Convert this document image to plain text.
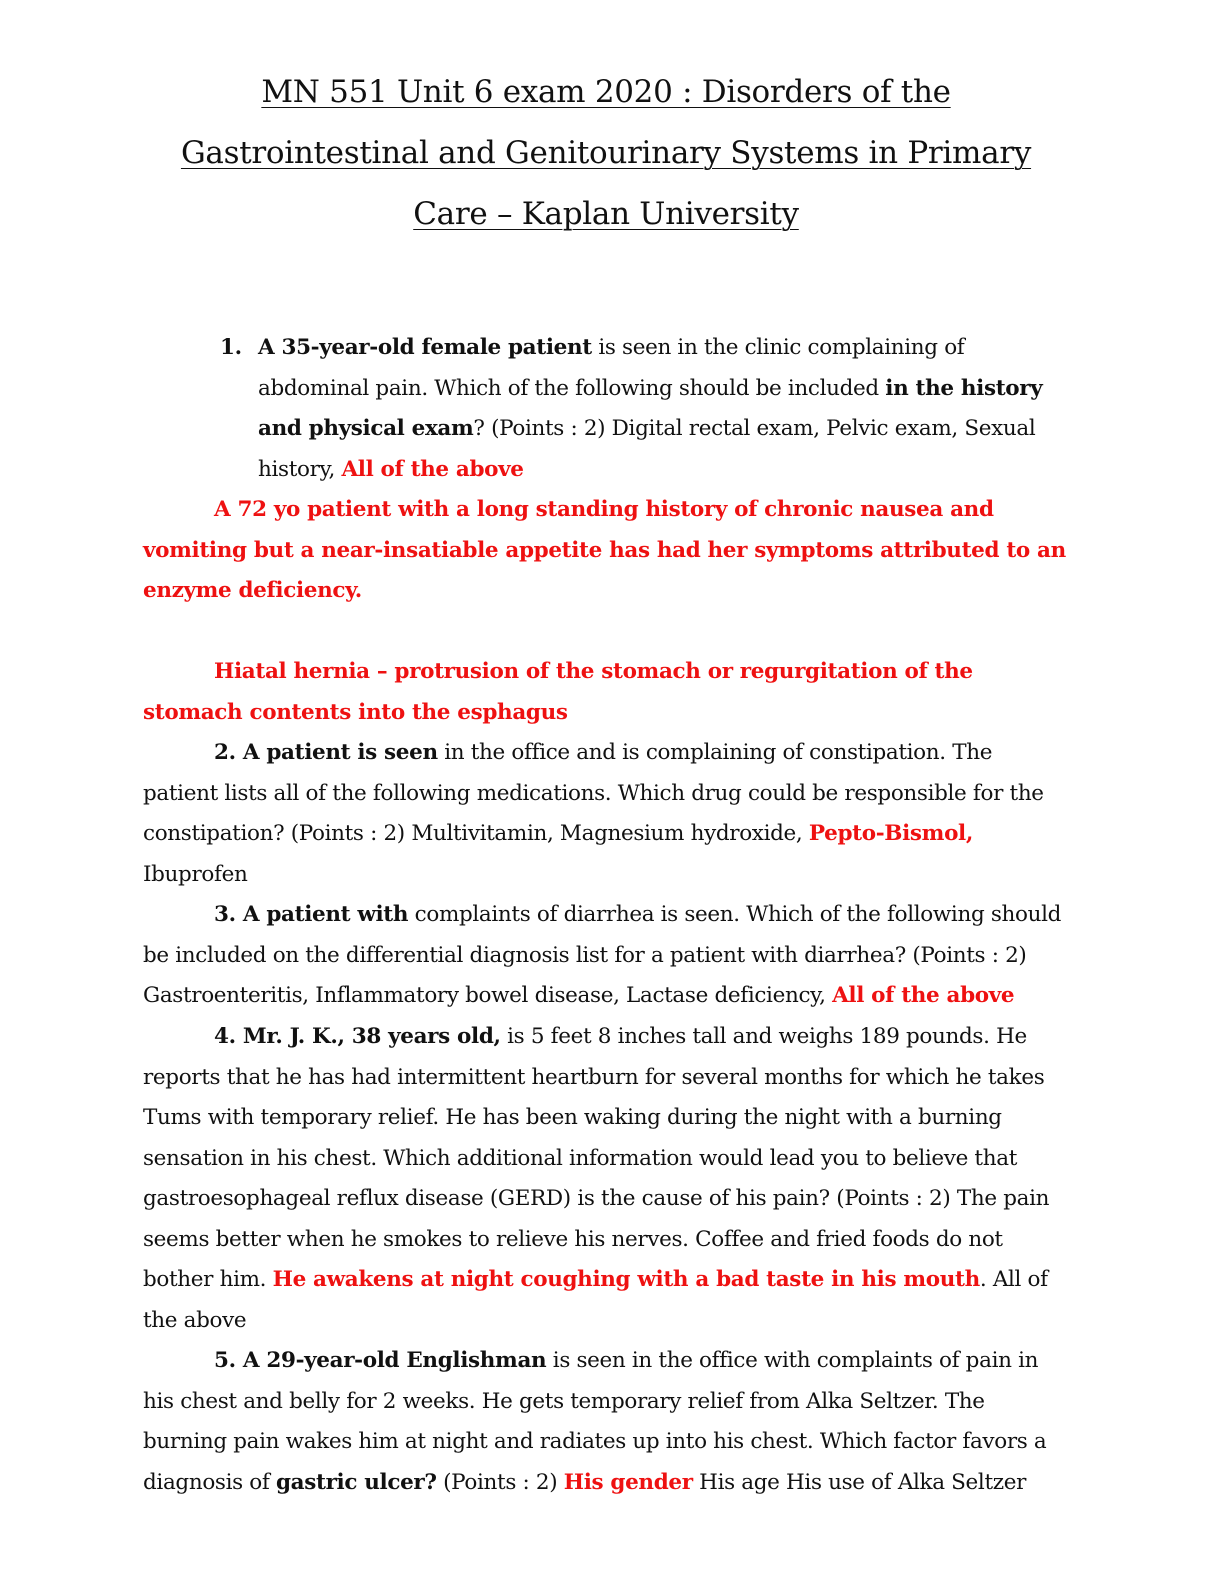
MN 551 Unit 6 exam 2020 : Disorders of the Gastrointestinal and Genitourinary Systems in Primary Care – Kaplan University
1. A 35-year-old female patient is seen in the clinic complaining of abdominal pain. Which of the following should be included in the history and physical exam? (Points : 2) Digital rectal exam, Pelvic exam, Sexual history, All of the above
A 72 yo patient with a long standing history of chronic nausea and vomiting but a near-insatiable appetite has had her symptoms attributed to an enzyme deficiency.
Hiatal hernia – protrusion of the stomach or regurgitation of the stomach contents into the esphagus
2. A patient is seen in the office and is complaining of constipation. The patient lists all of the following medications. Which drug could be responsible for the constipation? (Points : 2) Multivitamin, Magnesium hydroxide, Pepto-Bismol, Ibuprofen
3. A patient with complaints of diarrhea is seen. Which of the following should be included on the differential diagnosis list for a patient with diarrhea? (Points : 2) Gastroenteritis, Inflammatory bowel disease, Lactase deficiency, All of the above
4. Mr. J. K., 38 years old, is 5 feet 8 inches tall and weighs 189 pounds. He reports that he has had intermittent heartburn for several months for which he takes Tums with temporary relief. He has been waking during the night with a burning sensation in his chest. Which additional information would lead you to believe that gastroesophageal reflux disease (GERD) is the cause of his pain? (Points : 2) The pain seems better when he smokes to relieve his nerves. Coffee and fried foods do not bother him. He awakens at night coughing with a bad taste in his mouth. All of the above
5. A 29-year-old Englishman is seen in the office with complaints of pain in his chest and belly for 2 weeks. He gets temporary relief from Alka Seltzer. The burning pain wakes him at night and radiates up into his chest. Which factor favors a diagnosis of gastric ulcer? (Points : 2) His gender His age His use of Alka Seltzer
